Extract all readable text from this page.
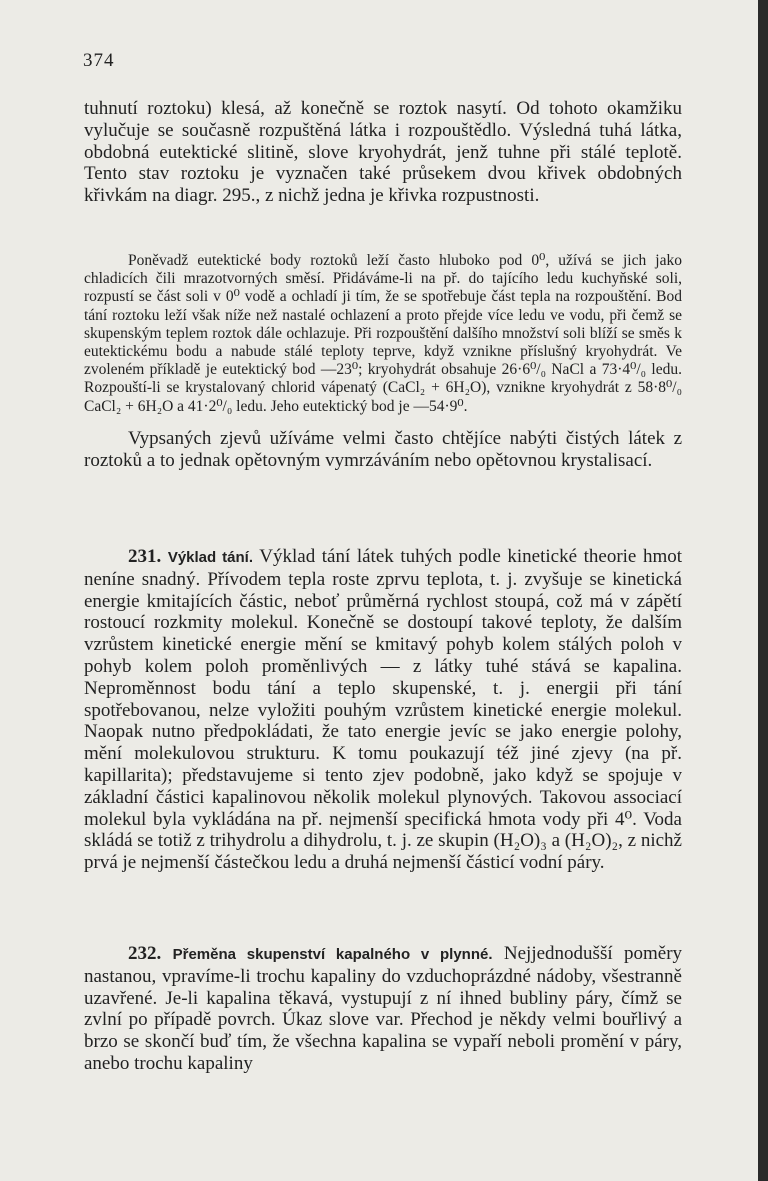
374
tuhnutí roztoku) klesá, až konečně se roztok nasytí. Od tohoto okamžiku vylučuje se současně rozpuštěná látka i rozpouštědlo. Výsledná tuhá látka, obdobná eutektické slitině, slove kryohydrát, jenž tuhne při stálé teplotě. Tento stav roztoku je vyznačen také průsekem dvou křivek obdobných křivkám na diagr. 295., z nichž jedna je křivka rozpustnosti.
Poněvadž eutektické body roztoků leží často hluboko pod 0⁰, užívá se jich jako chladicích čili mrazotvorných směsí. Přidáváme-li na př. do tajícího ledu kuchyňské soli, rozpustí se část soli v 0⁰ vodě a ochladí ji tím, že se spotřebuje část tepla na rozpouštění. Bod tání roztoku leží však níže než nastalé ochlazení a proto přejde více ledu ve vodu, při čemž se skupenským teplem roztok dále ochlazuje. Při rozpouštění dalšího množství soli blíží se směs k eutektickému bodu a nabude stálé teploty teprve, když vznikne příslušný kryohydrát. Ve zvoleném příkladě je eutektický bod —23⁰; kryohydrát obsahuje 26·6⁰/₀ NaCl a 73·4⁰/₀ ledu. Rozpouští-li se krystalovaný chlorid vápenatý (CaCl₂ + 6H₂O), vznikne kryohydrát z 58·8⁰/₀ CaCl₂ + 6H₂O a 41·2⁰/₀ ledu. Jeho eutektický bod je —54·9⁰.
Vypsaných zjevů užíváme velmi často chtějíce nabýti čistých látek z roztoků a to jednak opětovným vymrzáváním nebo opětovnou krystalisací.
231. Výklad tání. Výklad tání látek tuhých podle kinetické theorie hmot neníne snadný. Přívodem tepla roste zprvu teplota, t. j. zvyšuje se kinetická energie kmitajících částic, neboť průměrná rychlost stoupá, což má v zápětí rostoucí rozkmity molekul. Konečně se dostoupí takové teploty, že dalším vzrůstem kinetické energie mění se kmitavý pohyb kolem stálých poloh v pohyb kolem poloh proměnlivých — z látky tuhé stává se kapalina. Neproměnnost bodu tání a teplo skupenské, t. j. energii při tání spotřebovanou, nelze vyložiti pouhým vzrůstem kinetické energie molekul. Naopak nutno předpokládati, že tato energie jevíc se jako energie polohy, mění molekulovou strukturu. K tomu poukazují též jiné zjevy (na př. kapillarita); představujeme si tento zjev podobně, jako když se spojuje v základní částici kapalinovou několik molekul plynových. Takovou associací molekul byla vykládána na př. nejmenší specifická hmota vody při 4⁰. Voda skládá se totiž z trihydrolu a dihydrolu, t. j. ze skupin (H₂O)₃ a (H₂O)₂, z nichž prvá je nejmenší částečkou ledu a druhá nejmenší částicí vodní páry.
232. Přeměna skupenství kapalného v plynné. Nejjednodušší poměry nastanou, vpravíme-li trochu kapaliny do vzduchoprázdné nádoby, všestranně uzavřené. Je-li kapalina těkavá, vystupují z ní ihned bubliny páry, čímž se zvlní po případě povrch. Úkaz slove var. Přechod je někdy velmi bouřlivý a brzo se skončí buď tím, že všechna kapalina se vypaří neboli promění v páry, anebo trochu kapaliny
